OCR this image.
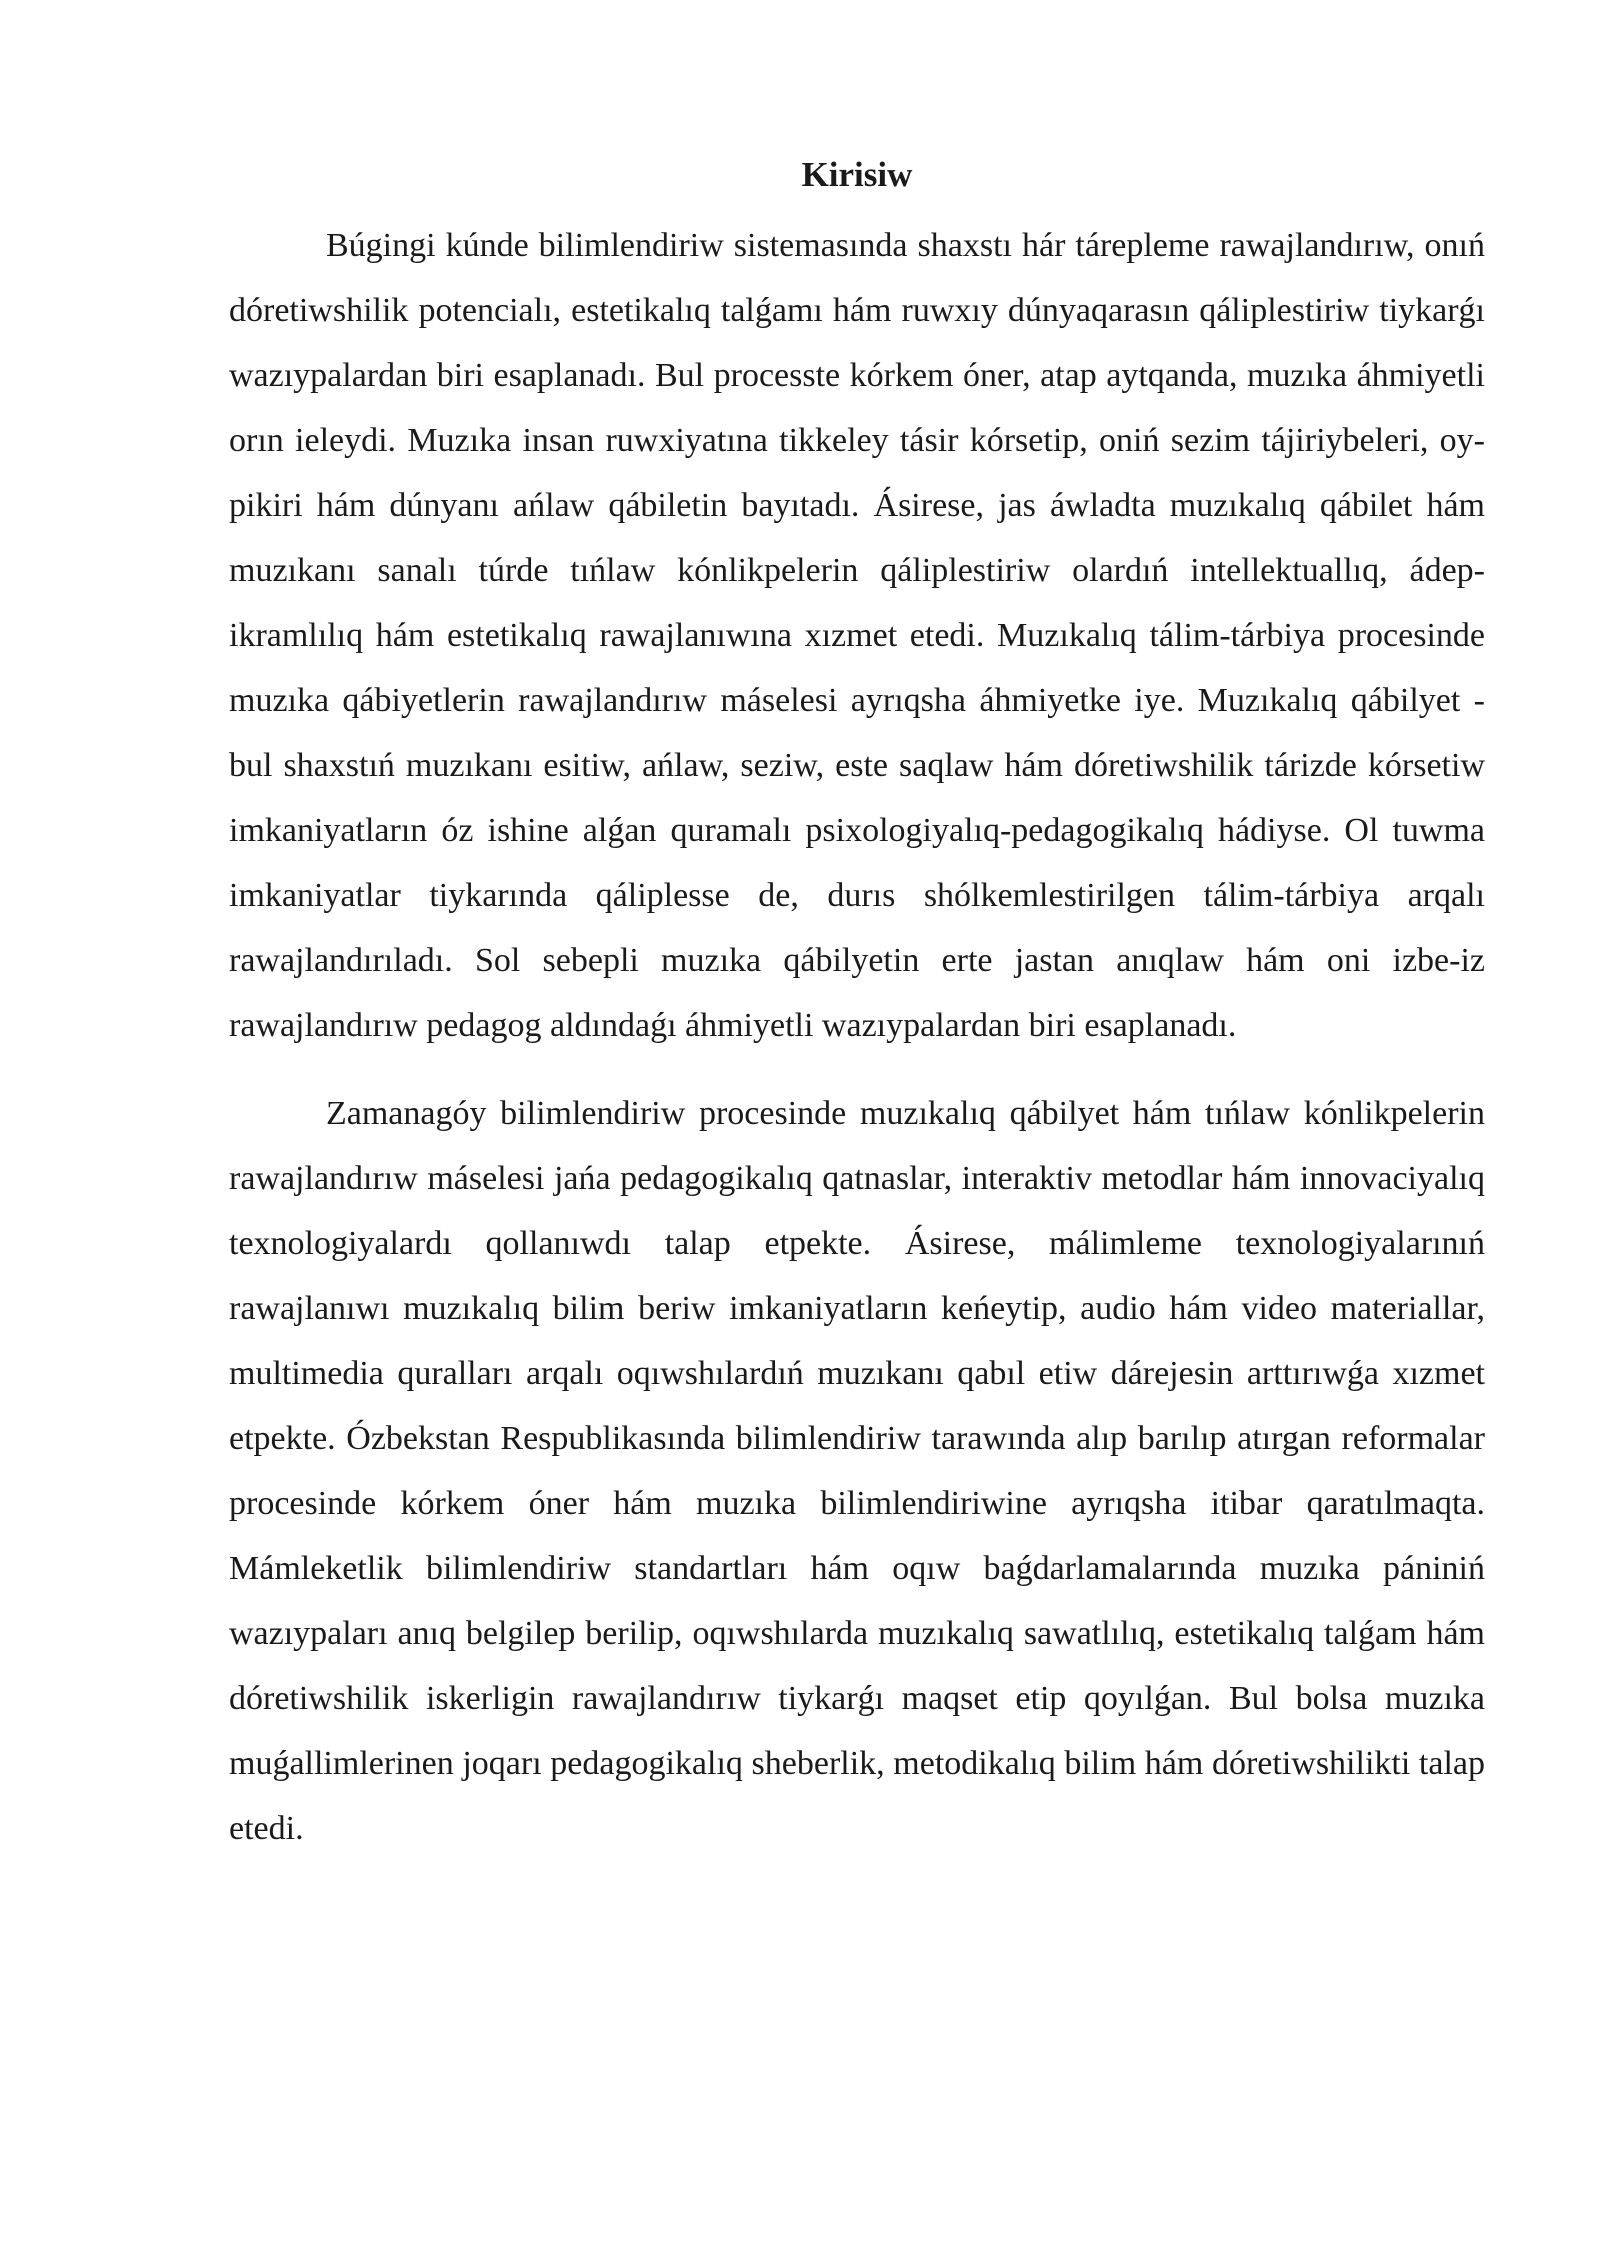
Kirisiw

Búgingi kúnde bilimlendiriw sistemasında shaxstı hár tárepleme rawajlandırıw, onıń dóretiwshilik potencialı, estetikalıq talǵamı hám ruwxıy dúnyaqarasın qáliplestiriw tiykarǵı wazıypalardan biri esaplanadı. Bul processte kórkem óner, atap aytqanda, muzıka áhmiyetli orın ieleydi. Muzıka insan ruwxiyatına tikkeley tásir kórsetip, oniń sezim tájiriybeleri, oy-pikiri hám dúnyanı ańlaw qábiletin bayıtadı. Ásirese, jas áwladta muzıkalıq qábilet hám muzıkanı sanalı túrde tıńlaw kónlikpelerin qáliplestiriw olardıń intellektuallıq, ádep-ikramlılıq hám estetikalıq rawajlanıwına xızmet etedi. Muzıkalıq tálim-tárbiya procesinde muzıka qábiyetlerin rawajlandırıw máselesi ayrıqsha áhmiyetke iye. Muzıkalıq qábilyet - bul shaxstıń muzıkanı esitiw, ańlaw, seziw, este saqlaw hám dóretiwshilik tárizde kórsetiw imkaniyatların óz ishine alǵan quramalı psixologiyalıq-pedagogikalıq hádiyse. Ol tuwma imkaniyatlar tiykarında qáliplesse de, durıs shólkemlestirilgen tálim-tárbiya arqalı rawajlandırıladı. Sol sebepli muzıka qábilyetin erte jastan anıqlaw hám oni izbe-iz rawajlandırıw pedagog aldındaǵı áhmiyetli wazıypalardan biri esaplanadı.

Zamanagóy bilimlendiriw procesinde muzıkalıq qábilyet hám tıńlaw kónlikpelerin rawajlandırıw máselesi jańa pedagogikalıq qatnaslar, interaktiv metodlar hám innovaciyalıq texnologiyalardı qollanıwdı talap etpekte. Ásirese, málimleme texnologiyalarınıń rawajlanıwı muzıkalıq bilim beriw imkaniyatların keńeytip, audio hám video materiallar, multimedia quralları arqalı oqıwshılardıń muzıkanı qabıl etiw dárejesin arttırıwǵa xızmet etpekte. Ózbekstan Respublikasında bilimlendiriw tarawında alıp barılıp atırgan reformalar procesinde kórkem óner hám muzıka bilimlendiriwine ayrıqsha itibar qaratılmaqta. Mámleketlik bilimlendiriw standartları hám oqıw baǵdarlamalarında muzıka pániniń wazıypaları anıq belgilep berilip, oqıwshılarda muzıkalıq sawatlılıq, estetikalıq talǵam hám dóretiwshilik iskerligin rawajlandırıw tiykarǵı maqset etip qoyılǵan. Bul bolsa muzıka muǵallimlerinen joqarı pedagogikalıq sheberlik, metodikalıq bilim hám dóretiwshilikti talap etedi.
